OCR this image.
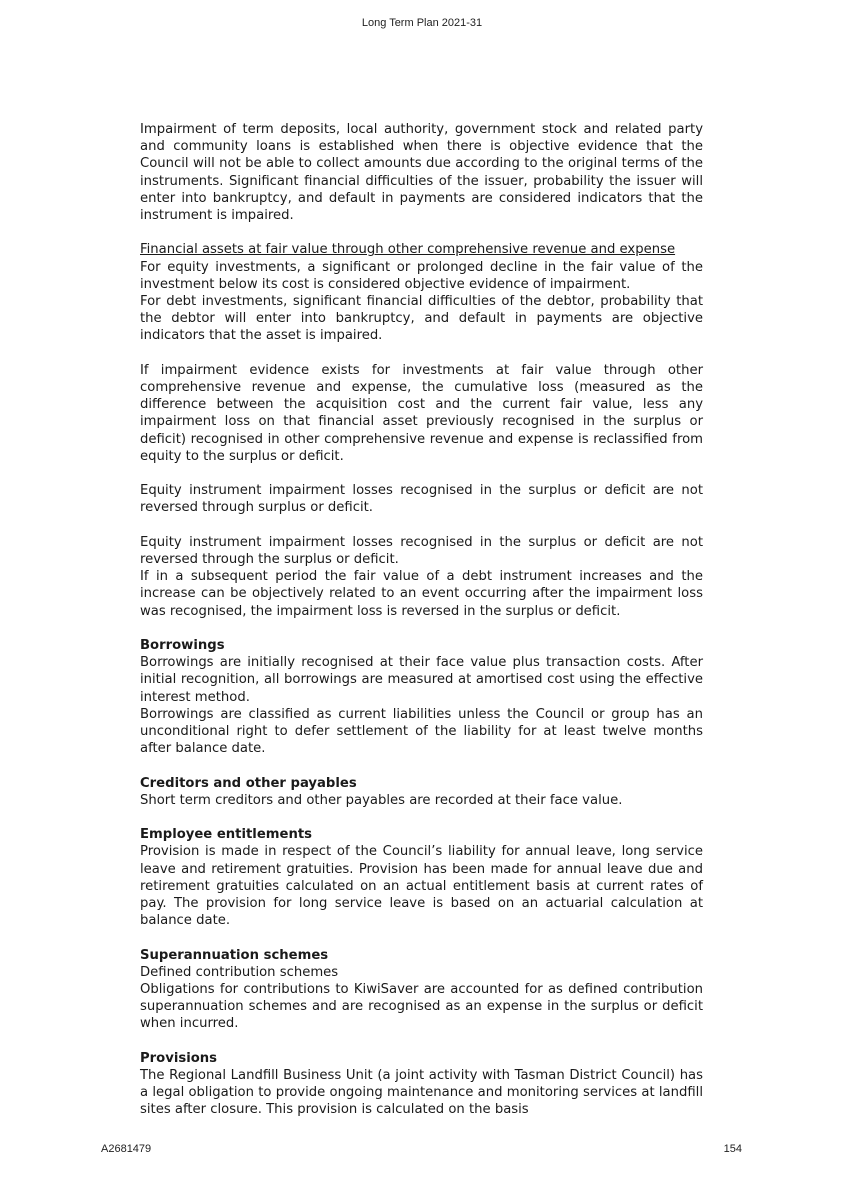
Long Term Plan 2021-31

Impairment of term deposits, local authority, government stock and related party and community loans is established when there is objective evidence that the Council will not be able to collect amounts due according to the original terms of the instruments. Significant financial difficulties of the issuer, probability the issuer will enter into bankruptcy, and default in payments are considered indicators that the instrument is impaired.

Financial assets at fair value through other comprehensive revenue and expense

For equity investments, a significant or prolonged decline in the fair value of the investment below its cost is considered objective evidence of impairment.

For debt investments, significant financial difficulties of the debtor, probability that the debtor will enter into bankruptcy, and default in payments are objective indicators that the asset is impaired.

If impairment evidence exists for investments at fair value through other comprehensive revenue and expense, the cumulative loss (measured as the difference between the acquisition cost and the current fair value, less any impairment loss on that financial asset previously recognised in the surplus or deficit) recognised in other comprehensive revenue and expense is reclassified from equity to the surplus or deficit.

Equity instrument impairment losses recognised in the surplus or deficit are not reversed through surplus or deficit.

Equity instrument impairment losses recognised in the surplus or deficit are not reversed through the surplus or deficit.

If in a subsequent period the fair value of a debt instrument increases and the increase can be objectively related to an event occurring after the impairment loss was recognised, the impairment loss is reversed in the surplus or deficit.

Borrowings

Borrowings are initially recognised at their face value plus transaction costs. After initial recognition, all borrowings are measured at amortised cost using the effective interest method.

Borrowings are classified as current liabilities unless the Council or group has an unconditional right to defer settlement of the liability for at least twelve months after balance date.

Creditors and other payables

Short term creditors and other payables are recorded at their face value.

Employee entitlements

Provision is made in respect of the Council’s liability for annual leave, long service leave and retirement gratuities. Provision has been made for annual leave due and retirement gratuities calculated on an actual entitlement basis at current rates of pay. The provision for long service leave is based on an actuarial calculation at balance date.

Superannuation schemes

Defined contribution schemes

Obligations for contributions to KiwiSaver are accounted for as defined contribution superannuation schemes and are recognised as an expense in the surplus or deficit when incurred.

Provisions

The Regional Landfill Business Unit (a joint activity with Tasman District Council) has a legal obligation to provide ongoing maintenance and monitoring services at landfill sites after closure. This provision is calculated on the basis

A2681479	154
